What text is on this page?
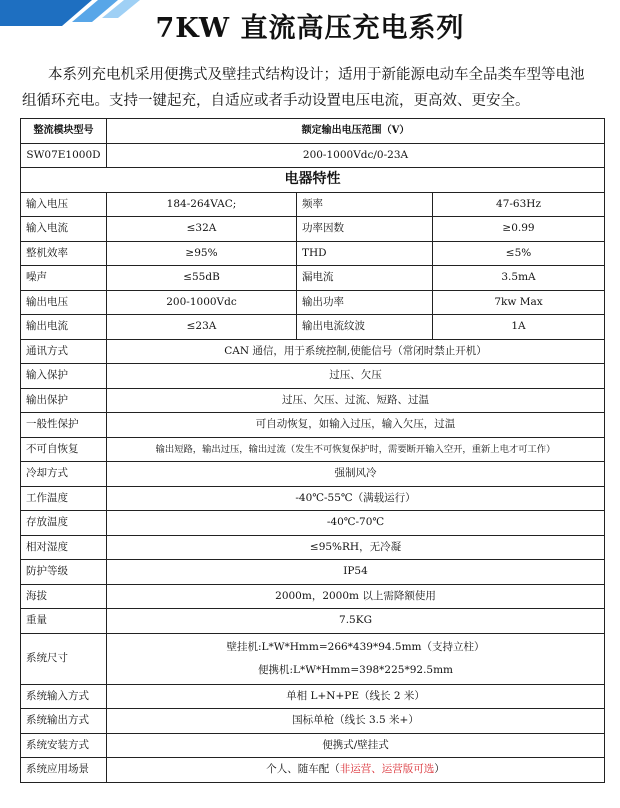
7KW 直流高压充电系列
本系列充电机采用便携式及壁挂式结构设计；适用于新能源电动车全品类车型等电池组循环充电。支持一键起充，自适应或者手动设置电压电流，更高效、更安全。
整流模块型号	额定输出电压范围（V）		
SW07E1000D	200-1000Vdc/0-23A		
电器特性			
输入电压	184-264VAC;	频率	47-63Hz
输入电流	≤32A	功率因数	≥0.99
整机效率	≥95%	THD	≤5%
噪声	≤55dB	漏电流	3.5mA
输出电压	200-1000Vdc	输出功率	7kw Max
输出电流	≤23A	输出电流纹波	1A
通讯方式	CAN 通信，用于系统控制,使能信号（常闭时禁止开机）		
输入保护	过压、欠压		
输出保护	过压、欠压、过流、短路、过温		
一般性保护	可自动恢复，如输入过压，输入欠压，过温		
不可自恢复	输出短路，输出过压，输出过流（发生不可恢复保护时，需要断开输入空开，重新上电才可工作）		
冷却方式	强制风冷		
工作温度	-40℃-55℃（满载运行）		
存放温度	-40℃-70℃		
相对湿度	≤95%RH，无冷凝		
防护等级	IP54		
海拔	2000m，2000m 以上需降额使用		
重量	7.5KG		
系统尺寸	壁挂机:L*W*Hmm=266*439*94.5mm（支持立柱）
便携机:L*W*Hmm=398*225*92.5mm		

系统输入方式	单相 L+N+PE（线长 2 米）		
系统输出方式	国标单枪（线长 3.5 米+）		
系统安装方式	便携式/壁挂式		
系统应用场景	个人、随车配（非运营、运营版可选）		
